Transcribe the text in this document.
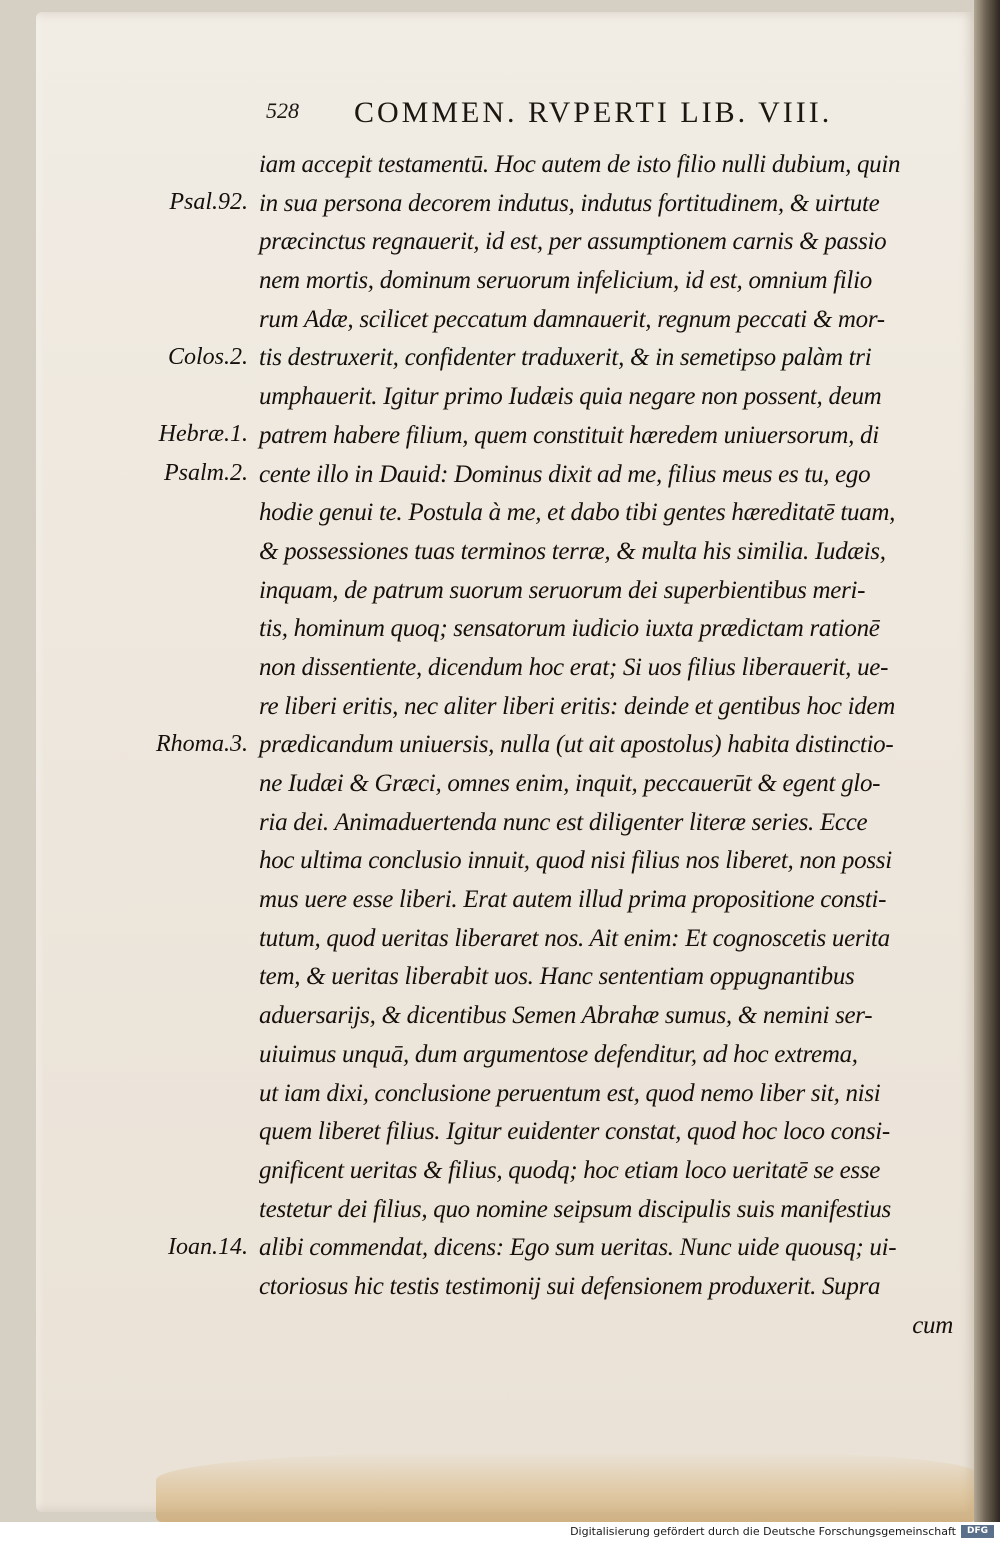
528 COMMEN. RVPERTI LIB. VIII.
iam accepit testamentū. Hoc autem de isto filio nulli dubium, quin
in sua persona decorem indutus, indutus fortitudinem, & uirtute
præcinctus regnauerit, id est, per assumptionem carnis & passio
nem mortis, dominum seruorum infelicium, id est, omnium filio
rum Adæ, scilicet peccatum damnauerit, regnum peccati & mor-
tis destruxerit, confidenter traduxerit, & in semetipso palàm tri
umphauerit. Igitur primo Iudæis quia negare non possent, deum
patrem habere filium, quem constituit hæredem uniuersorum, di
cente illo in Dauid: Dominus dixit ad me, filius meus es tu, ego
hodie genui te. Postula à me, et dabo tibi gentes hæreditatē tuam,
& possessiones tuas terminos terræ, & multa his similia. Iudæis,
inquam, de patrum suorum seruorum dei superbientibus meri-
tis, hominum quoq; sensatorum iudicio iuxta prædictam rationē
non dissentiente, dicendum hoc erat; Si uos filius liberauerit, ue-
re liberi eritis, nec aliter liberi eritis: deinde et gentibus hoc idem
prædicandum uniuersis, nulla (ut ait apostolus) habita distinctio-
ne Iudæi & Græci, omnes enim, inquit, peccauerūt & egent glo-
ria dei. Animaduertenda nunc est diligenter literæ series. Ecce
hoc ultima conclusio innuit, quod nisi filius nos liberet, non possi
mus uere esse liberi. Erat autem illud prima propositione consti-
tutum, quod ueritas liberaret nos. Ait enim: Et cognoscetis uerita
tem, & ueritas liberabit uos. Hanc sententiam oppugnantibus
aduersarijs, & dicentibus Semen Abrahæ sumus, & nemini ser-
uiuimus unquā, dum argumentose defenditur, ad hoc extrema,
ut iam dixi, conclusione peruentum est, quod nemo liber sit, nisi
quem liberet filius. Igitur euidenter constat, quod hoc loco consi-
gnificent ueritas & filius, quodq; hoc etiam loco ueritatē se esse
testetur dei filius, quo nomine seipsum discipulis suis manifestius
alibi commendat, dicens: Ego sum ueritas. Nunc uide quousq; ui-
ctoriosus hic testis testimonij sui defensionem produxerit. Supra
cum
Psal.92.
Colos.2.
Hebræ.1.
Psalm.2.
Rhoma.3.
Ioan.14.
Digitalisierung gefördert durch die Deutsche Forschungsgemeinschaft	DFG
